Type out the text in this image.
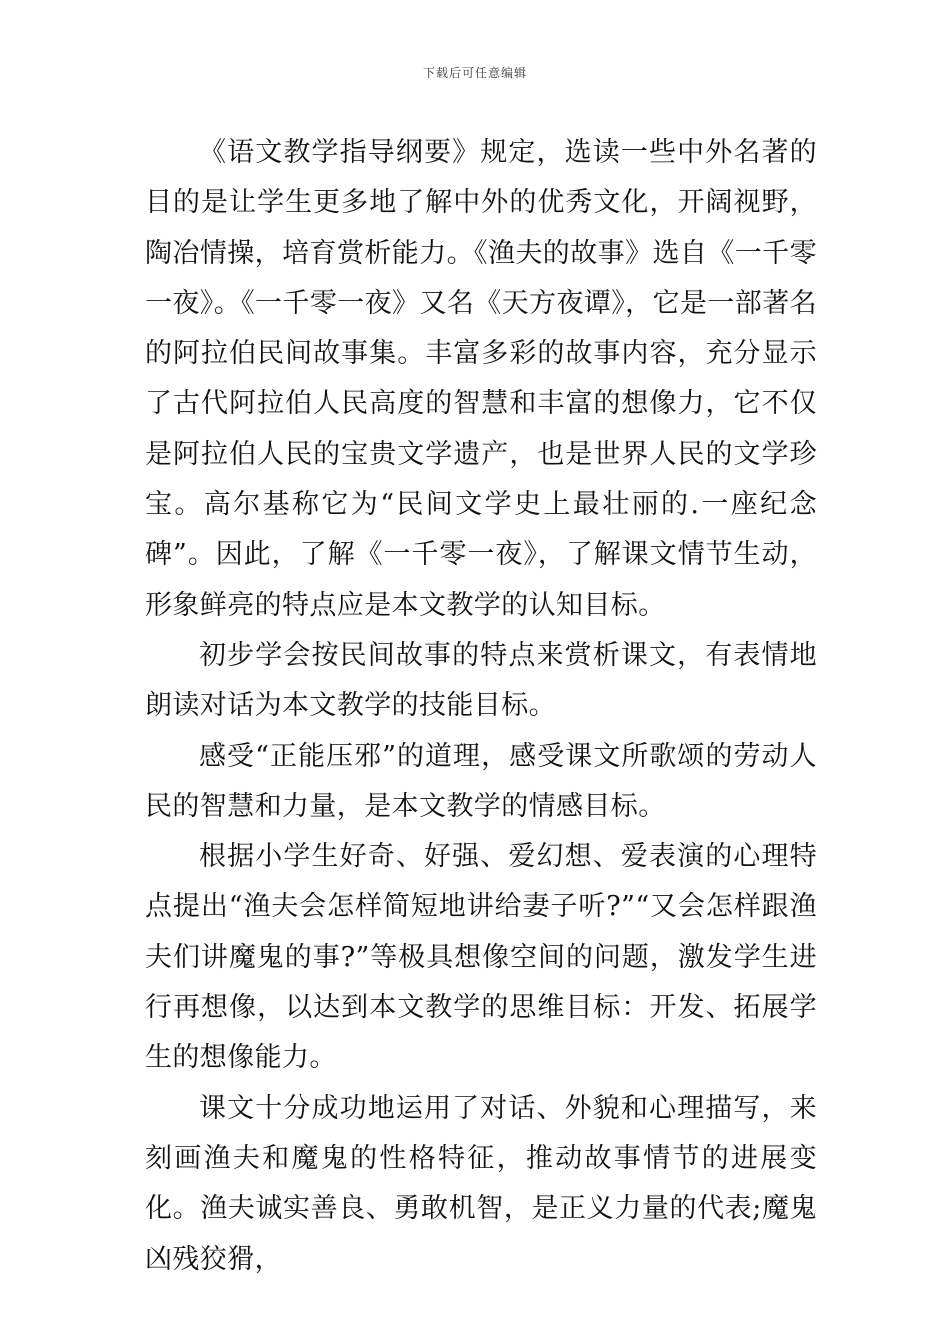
下载后可任意编辑

《语文教学指导纲要》规定，选读一些中外名著的目的是让学生更多地了解中外的优秀文化，开阔视野，陶冶情操，培育赏析能力。《渔夫的故事》选自《一千零一夜》。《一千零一夜》又名《天方夜谭》，它是一部著名的阿拉伯民间故事集。丰富多彩的故事内容，充分显示了古代阿拉伯人民高度的智慧和丰富的想像力，它不仅是阿拉伯人民的宝贵文学遗产，也是世界人民的文学珍宝。高尔基称它为“民间文学史上最壮丽的.一座纪念碑”。因此，了解《一千零一夜》，了解课文情节生动，形象鲜亮的特点应是本文教学的认知目标。

初步学会按民间故事的特点来赏析课文，有表情地朗读对话为本文教学的技能目标。

感受“正能压邪”的道理，感受课文所歌颂的劳动人民的智慧和力量，是本文教学的情感目标。

根据小学生好奇、好强、爱幻想、爱表演的心理特点提出“渔夫会怎样简短地讲给妻子听?”“又会怎样跟渔夫们讲魔鬼的事?”等极具想像空间的问题，激发学生进行再想像，以达到本文教学的思维目标：开发、拓展学生的想像能力。

课文十分成功地运用了对话、外貌和心理描写，来刻画渔夫和魔鬼的性格特征，推动故事情节的进展变化。渔夫诚实善良、勇敢机智，是正义力量的代表;魔鬼凶残狡猾，
